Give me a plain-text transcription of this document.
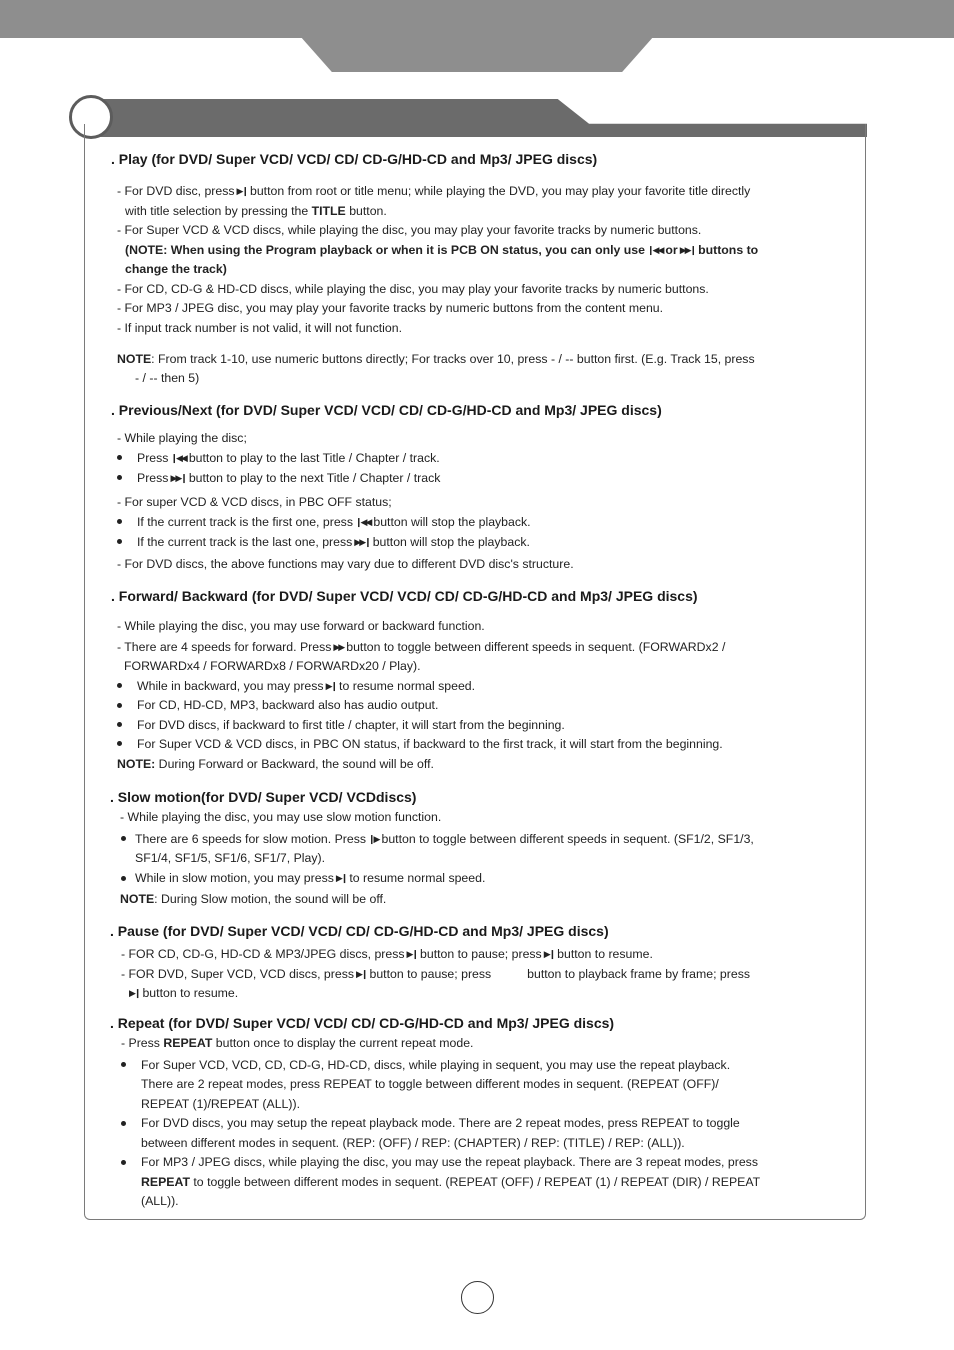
. Play (for DVD/ Super VCD/ VCD/ CD/ CD-G/HD-CD and Mp3/ JPEG discs)
- For DVD disc, press ▶❙ button from root or title menu; while playing the DVD, you may play your favorite title directly
with title selection by pressing the TITLE button.
- For Super VCD & VCD discs, while playing the disc, you may play your favorite tracks by numeric buttons.
(NOTE: When using the Program playback or when it is PCB ON status, you can only use ❙◀◀ or ▶▶❙ buttons to
change the track)
- For CD, CD-G & HD-CD discs, while playing the disc, you may play your favorite tracks by numeric buttons.
- For MP3 / JPEG disc, you may play your favorite tracks by numeric buttons from the content menu.
- If input track number is not valid, it will not function.
NOTE: From track 1-10, use numeric buttons directly; For tracks over 10, press - / -- button first. (E.g. Track 15, press
- / -- then 5)
. Previous/Next (for DVD/ Super VCD/ VCD/ CD/ CD-G/HD-CD and Mp3/ JPEG discs)
- While playing the disc;
Press ❙◀◀ button to play to the last Title / Chapter / track.
Press ▶▶❙ button to play to the next Title / Chapter / track
- For super VCD & VCD discs, in PBC OFF status;
If the current track is the first one, press ❙◀◀ button will stop the playback.
If the current track is the last one, press ▶▶❙ button will stop the playback.
- For DVD discs, the above functions may vary due to different DVD disc's structure.
. Forward/ Backward (for DVD/ Super VCD/ VCD/ CD/ CD-G/HD-CD and Mp3/ JPEG discs)
- While playing the disc, you may use forward or backward function.
- There are 4 speeds for forward. Press ▶▶ button to toggle between different speeds in sequent. (FORWARDx2 /
FORWARDx4 / FORWARDx8 / FORWARDx20 / Play).
While in backward, you may press ▶❙ to resume normal speed.
For CD, HD-CD, MP3, backward also has audio output.
For DVD discs, if backward to first title / chapter, it will start from the beginning.
For Super VCD & VCD discs, in PBC ON status, if backward to the first track, it will start from the beginning.
NOTE: During Forward or Backward, the sound will be off.
. Slow motion(for DVD/ Super VCD/ VCDdiscs)
- While playing the disc, you may use slow motion function.
There are 6 speeds for slow motion. Press ❙▶ button to toggle between different speeds in sequent. (SF1/2, SF1/3,
SF1/4, SF1/5, SF1/6, SF1/7, Play).
While in slow motion, you may press ▶❙ to resume normal speed.
NOTE: During Slow motion, the sound will be off.
. Pause (for DVD/ Super VCD/ VCD/ CD/ CD-G/HD-CD and Mp3/ JPEG discs)
- FOR CD, CD-G, HD-CD & MP3/JPEG discs, press ▶❙ button to pause; press ▶❙ button to resume.
- FOR DVD, Super VCD, VCD discs, press ▶❙ button to pause; press	button to playback frame by frame; press
▶❙ button to resume.
. Repeat (for DVD/ Super VCD/ VCD/ CD/ CD-G/HD-CD and Mp3/ JPEG discs)
- Press REPEAT button once to display the current repeat mode.
For Super VCD, VCD, CD, CD-G, HD-CD, discs, while playing in sequent, you may use the repeat playback.
There are 2 repeat modes, press REPEAT to toggle between different modes in sequent. (REPEAT (OFF)/
REPEAT (1)/REPEAT (ALL)).
For DVD discs, you may setup the repeat playback mode. There are 2 repeat modes, press REPEAT to toggle
between different modes in sequent. (REP: (OFF) / REP: (CHAPTER) / REP: (TITLE) / REP: (ALL)).
For MP3 / JPEG discs, while playing the disc, you may use the repeat playback. There are 3 repeat modes, press
REPEAT to toggle between different modes in sequent. (REPEAT (OFF) / REPEAT (1) / REPEAT (DIR) / REPEAT
(ALL)).
